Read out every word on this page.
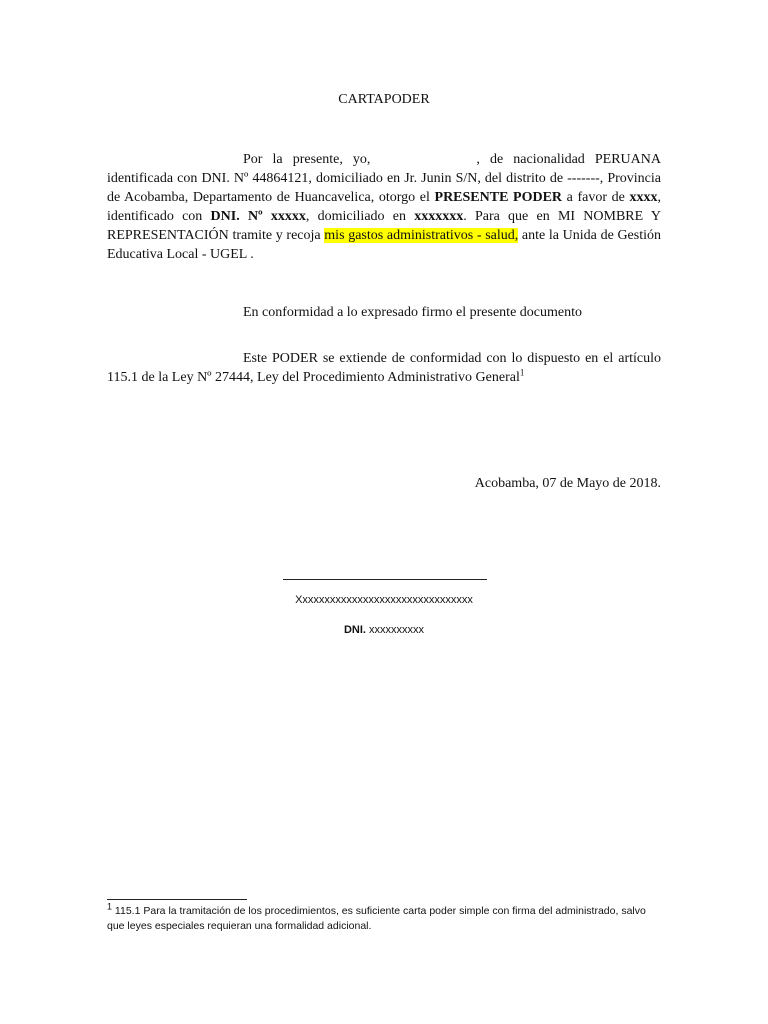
CARTAPODER
Por la presente, yo,	, de nacionalidad PERUANA identificada con DNI. Nº 44864121, domiciliado en Jr. Junin S/N, del distrito de -------, Provincia de Acobamba, Departamento de Huancavelica, otorgo el PRESENTE PODER a favor de xxxx, identificado con DNI. Nº xxxxx, domiciliado en xxxxxxx. Para que en MI NOMBRE Y REPRESENTACIÓN tramite y recoja mis gastos administrativos - salud, ante la Unida de Gestión Educativa Local - UGEL .
En conformidad a lo expresado firmo el presente documento
Este PODER se extiende de conformidad con lo dispuesto en el artículo 115.1 de la Ley Nº 27444, Ley del Procedimiento Administrativo General$^1$
Acobamba, 07 de Mayo de 2018.
Xxxxxxxxxxxxxxxxxxxxxxxxxxxxxxxx
DNI. xxxxxxxxxx
$^1$ 115.1 Para la tramitación de los procedimientos, es suficiente carta poder simple con firma del administrado, salvo que leyes especiales requieran una formalidad adicional.
